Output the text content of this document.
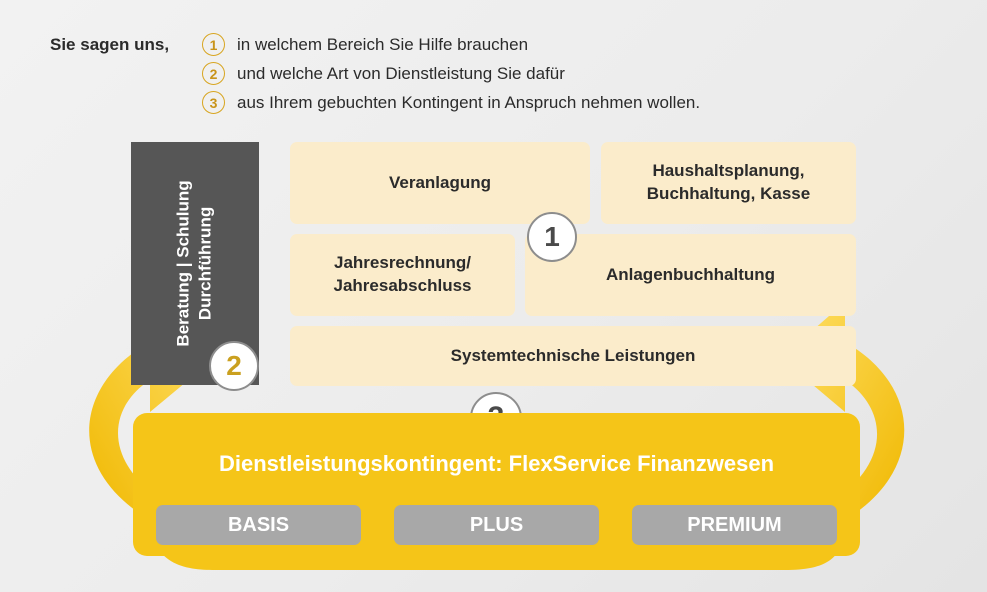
Sie sagen uns,	1	in welchem Bereich Sie Hilfe brauchen
2	und welche Art von Dienstleistung Sie dafür
3	aus Ihrem gebuchten Kontingent in Anspruch nehmen wollen.
Beratung | Schulung Durchführung
Veranlagung
Haushaltsplanung,
Buchhaltung, Kasse
Jahresrechnung/
Jahresabschluss
Anlagenbuchhaltung
Systemtechnische Leistungen
1
2
Dienstleistungskontingent: FlexService Finanzwesen
BASIS	PLUS	PREMIUM
